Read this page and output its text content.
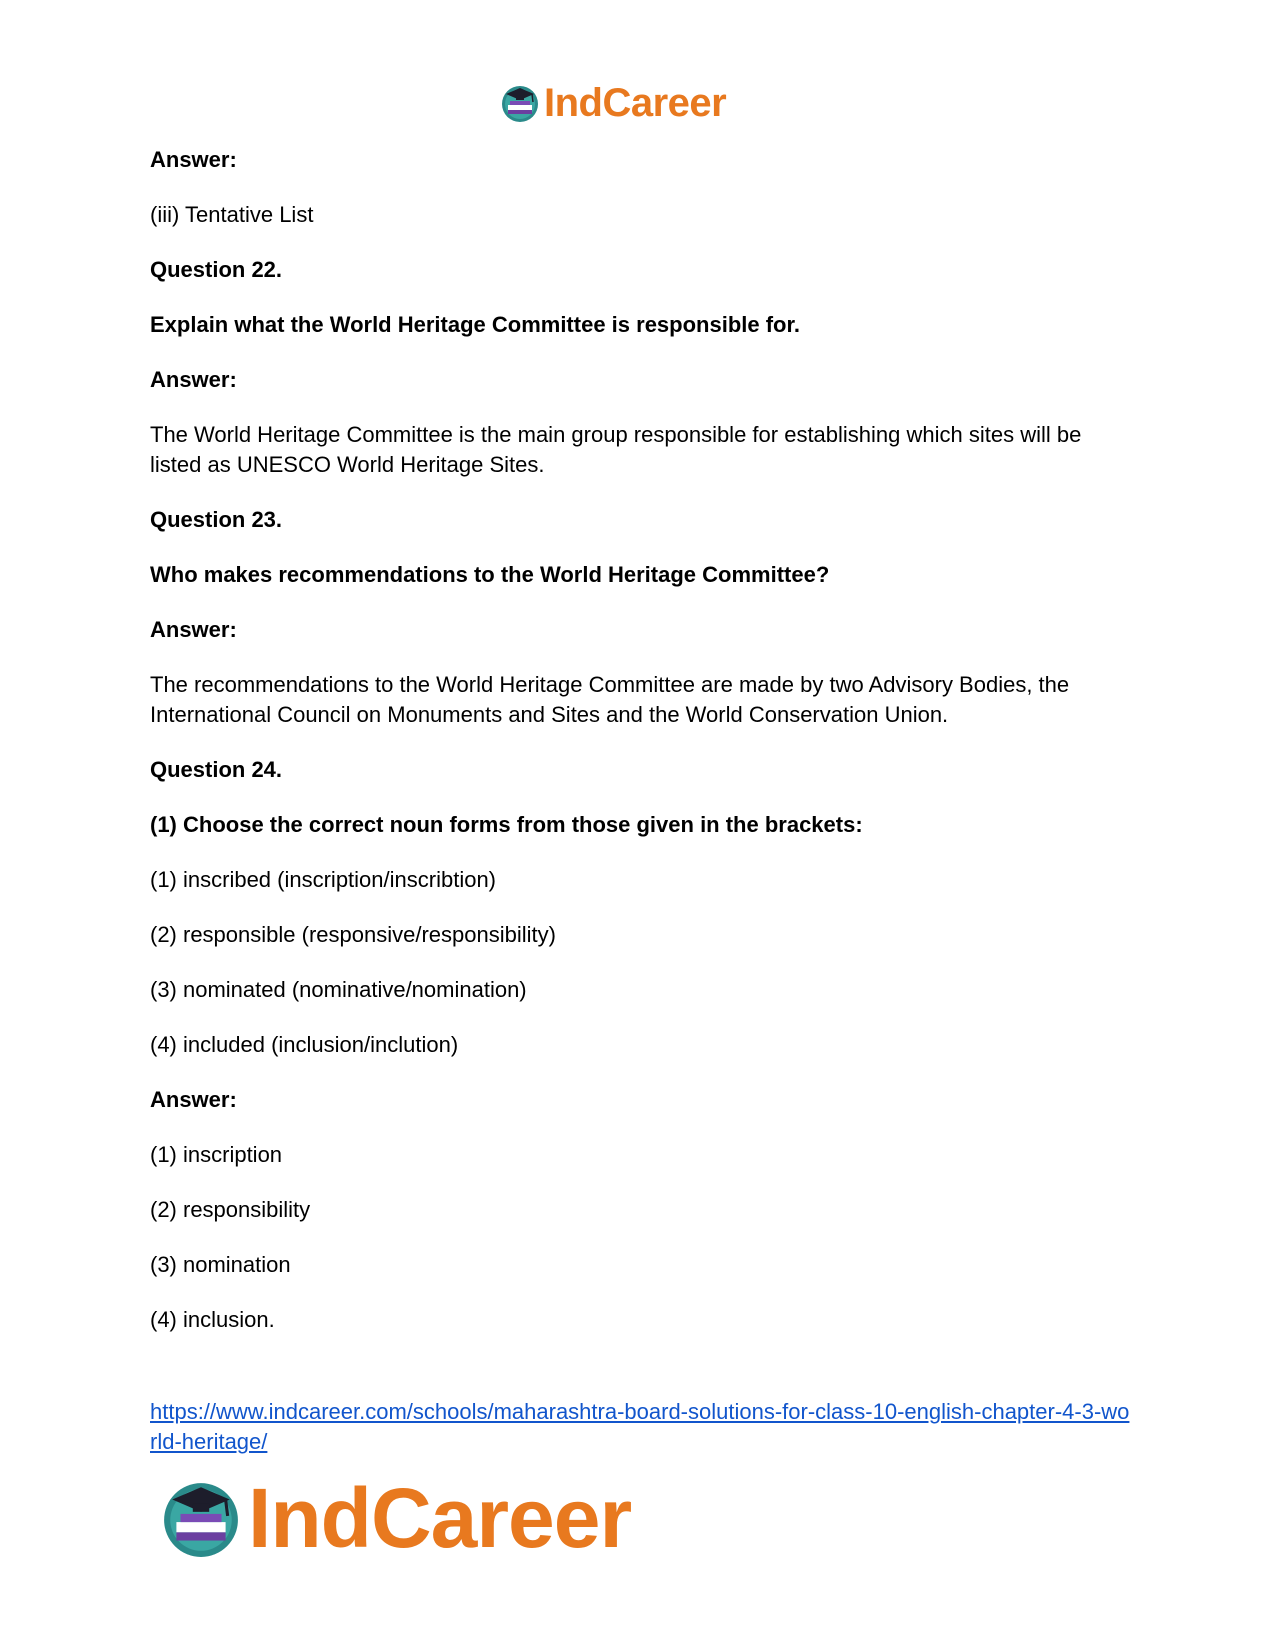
IndCareer

Answer:

(iii) Tentative List

Question 22.

Explain what the World Heritage Committee is responsible for.

Answer:

The World Heritage Committee is the main group responsible for establishing which sites will be listed as UNESCO World Heritage Sites.

Question 23.

Who makes recommendations to the World Heritage Committee?

Answer:

The recommendations to the World Heritage Committee are made by two Advisory Bodies, the International Council on Monuments and Sites and the World Conservation Union.

Question 24.

(1) Choose the correct noun forms from those given in the brackets:

(1) inscribed (inscription/inscribtion)

(2) responsible (responsive/responsibility)

(3) nominated (nominative/nomination)

(4) included (inclusion/inclution)

Answer:

(1) inscription

(2) responsibility

(3) nomination

(4) inclusion.

https://www.indcareer.com/schools/maharashtra-board-solutions-for-class-10-english-chapter-4-3-world-heritage/
IndCareer
